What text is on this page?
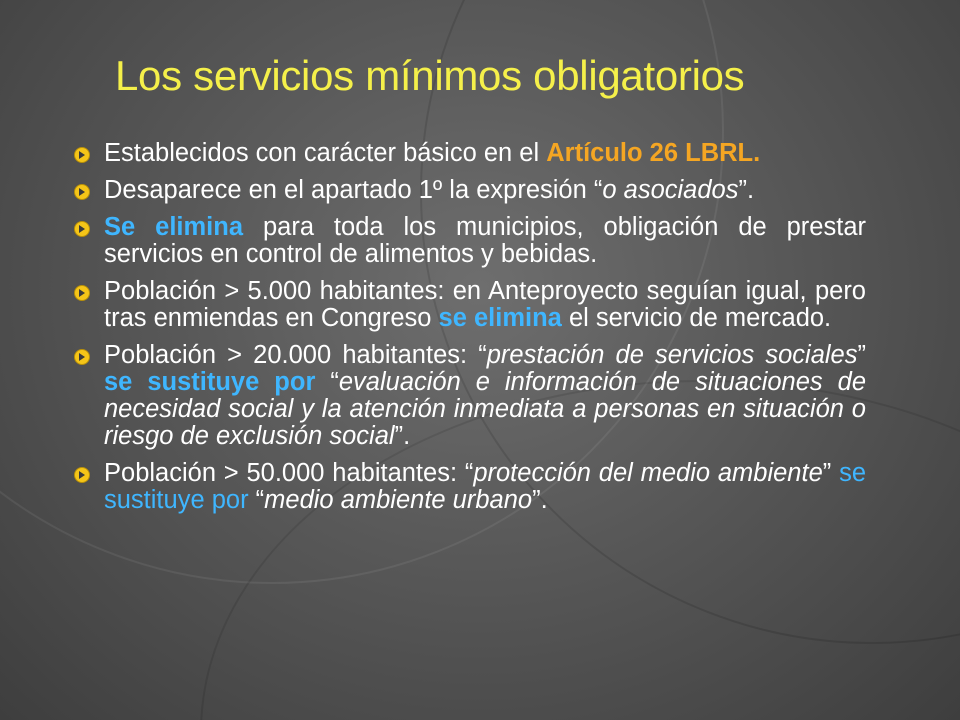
Los servicios mínimos obligatorios
Establecidos con carácter básico en el Artículo 26 LBRL.
Desaparece en el apartado 1º la expresión “o asociados”.
Se elimina para toda los municipios, obligación de prestar servicios en control de alimentos y bebidas.
Población > 5.000 habitantes: en Anteproyecto seguían igual, pero tras enmiendas en Congreso se elimina el servicio de mercado.
Población > 20.000 habitantes: “prestación de servicios sociales” se sustituye por “evaluación e información de situaciones de necesidad social y la atención inmediata a personas en situación o riesgo de exclusión social”.
Población > 50.000 habitantes: “protección del medio ambiente” se sustituye por “medio ambiente urbano”.
